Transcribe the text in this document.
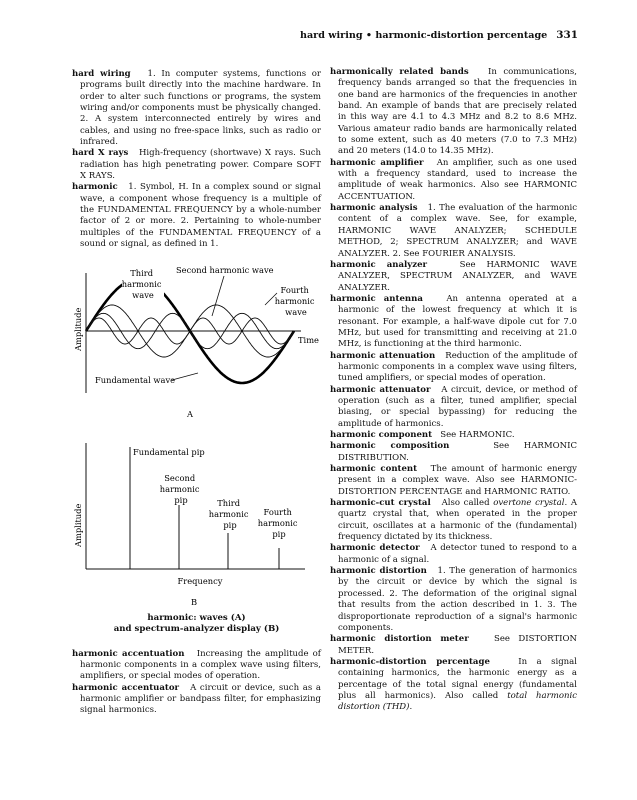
hard wiring • harmonic-distortion percentage 331

hard wiring 1. In computer systems, functions or programs built directly into the machine hardware. In order to alter such functions or programs, the system wiring and/or components must be physically changed. 2. A system interconnected entirely by wires and cables, and using no free-space links, such as radio or infrared.

hard X rays High-frequency (shortwave) X rays. Such radiation has high penetrating power. Compare SOFT X RAYS.

harmonic 1. Symbol, H. In a complex sound or signal wave, a component whose frequency is a multiple of the FUNDAMENTAL FREQUENCY by a whole-number factor of 2 or more. 2. Pertaining to whole-number multiples of the FUNDAMENTAL FREQUENCY of a sound or signal, as defined in 1.

Amplitude	Time
Third harmonic wave
Second harmonic wave
Fourth harmonic wave
Fundamental wave
A
Amplitude
Fundamental pip
Second harmonic pip	Third harmonic pip
Fourth harmonic pip
Frequency
B
harmonic: waves (A)
and spectrum-analyzer display (B)

harmonic accentuation Increasing the amplitude of harmonic components in a complex wave using filters, amplifiers, or special modes of operation.

harmonic accentuator A circuit or device, such as a harmonic amplifier or bandpass filter, for emphasizing signal harmonics.

harmonically related bands In communications, frequency bands arranged so that the frequencies in one band are harmonics of the frequencies in another band. An example of bands that are precisely related in this way are 4.1 to 4.3 MHz and 8.2 to 8.6 MHz. Various amateur radio bands are harmonically related to some extent, such as 40 meters (7.0 to 7.3 MHz) and 20 meters (14.0 to 14.35 MHz).

harmonic amplifier An amplifier, such as one used with a frequency standard, used to increase the amplitude of weak harmonics. Also see HARMONIC ACCENTUATION.

harmonic analysis 1. The evaluation of the harmonic content of a complex wave. See, for example, HARMONIC WAVE ANALYZER; SCHEDULE METHOD, 2; SPECTRUM ANALYZER; and WAVE ANALYZER. 2. See FOURIER ANALYSIS.

harmonic analyzer	See HARMONIC WAVE ANALYZER, SPECTRUM ANALYZER, and WAVE ANALYZER.

harmonic antenna	An antenna operated at a harmonic of the lowest frequency at which it is resonant. For example, a half-wave dipole cut for 7.0 MHz, but used for transmitting and receiving at 21.0 MHz, is functioning at the third harmonic.

harmonic attenuation Reduction of the amplitude of harmonic components in a complex wave using filters, tuned amplifiers, or special modes of operation.

harmonic attenuator A circuit, device, or method of operation (such as a filter, tuned amplifier, special biasing, or special bypassing) for reducing the amplitude of harmonics.

harmonic component See HARMONIC.

harmonic composition	See HARMONIC DISTRIBUTION.

harmonic content The amount of harmonic energy present in a complex wave. Also see HARMONIC-DISTORTION PERCENTAGE and HARMONIC RATIO.

harmonic-cut crystal Also called overtone crystal. A quartz crystal that, when operated in the proper circuit, oscillates at a harmonic of the (fundamental) frequency dictated by its thickness.

harmonic detector A detector tuned to respond to a harmonic of a signal.

harmonic distortion 1. The generation of harmonics by the circuit or device by which the signal is processed. 2. The deformation of the original signal that results from the action described in 1. 3. The disproportionate reproduction of a signal's harmonic components.

harmonic distortion meter	See DISTORTION METER.

harmonic-distortion percentage	In a signal containing harmonics, the harmonic energy as a percentage of the total signal energy (fundamental plus all harmonics). Also called total harmonic distortion (THD).
